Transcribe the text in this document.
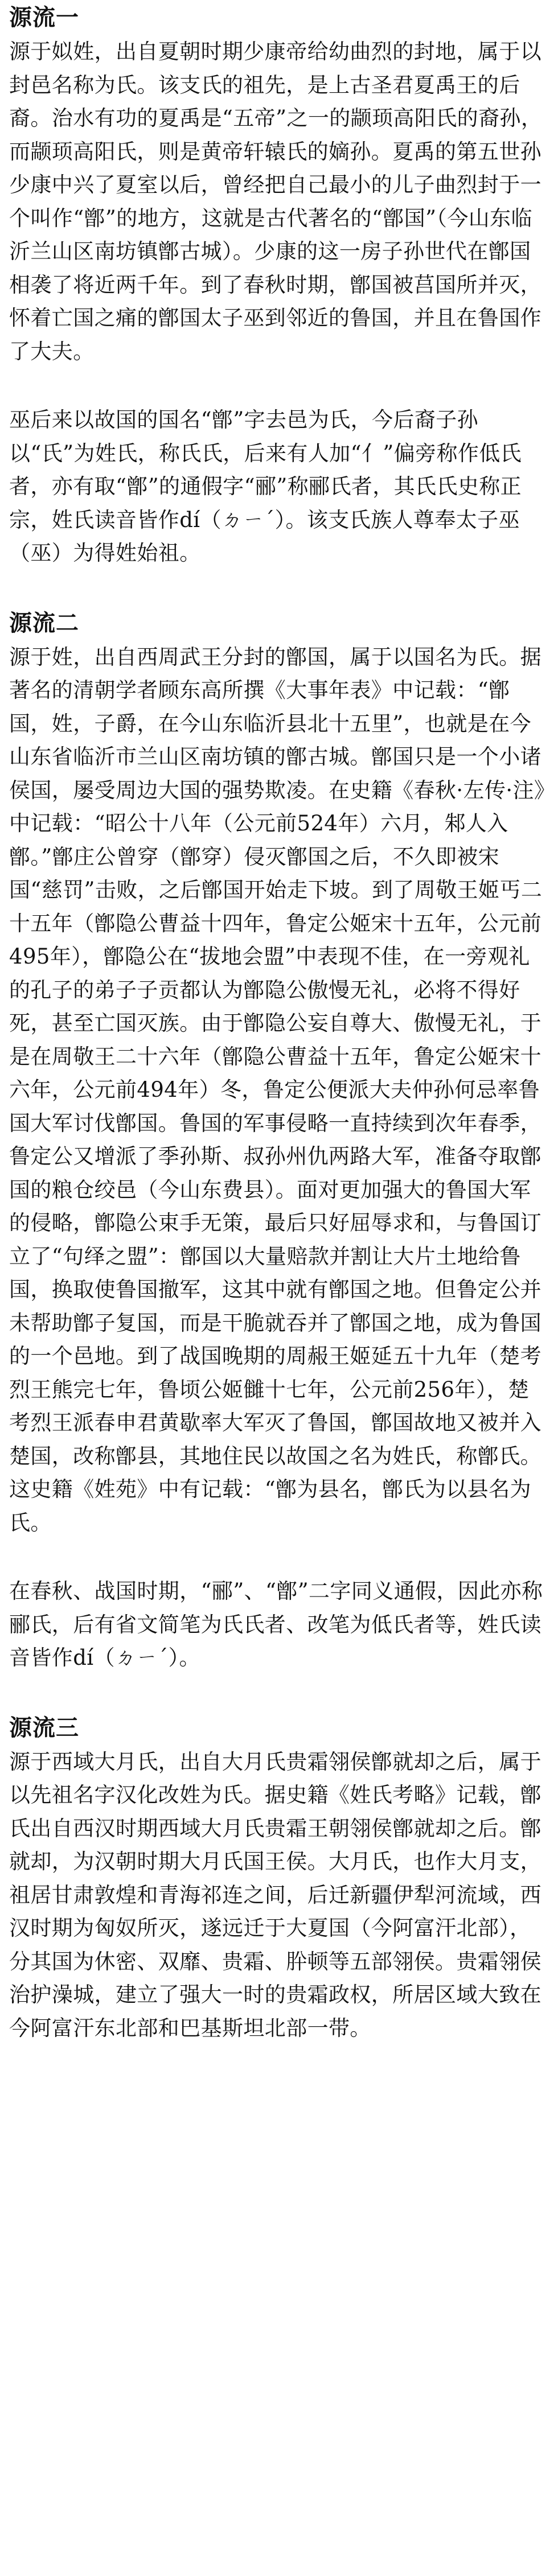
源流一

源于姒姓，出自夏朝时期少康帝给幼曲烈的封地，属于以封邑名称为氏。该支氏的祖先，是上古圣君夏禹王的后裔。治水有功的夏禹是“五帝”之一的颛顼高阳氏的裔孙，而颛顼高阳氏，则是黄帝轩辕氏的嫡孙。夏禹的第五世孙少康中兴了夏室以后，曾经把自己最小的儿子曲烈封于一个叫作“鄫”的地方，这就是古代著名的“鄫国”（今山东临沂兰山区南坊镇鄫古城）。少康的这一房子孙世代在鄫国相袭了将近两千年。到了春秋时期，鄫国被莒国所并灭，怀着亡国之痛的鄫国太子巫到邻近的鲁国，并且在鲁国作了大夫。

巫后来以故国的国名“鄫”字去邑为氏，今后裔子孙以“氏”为姓氏，称氏氏，后来有人加“亻”偏旁称作低氏者，亦有取“鄫”的通假字“郦”称郦氏者，其氏氏史称正宗，姓氏读音皆作dí（ㄉㄧˊ）。该支氏族人尊奉太子巫（巫）为得姓始祖。

源流二

源于姓，出自西周武王分封的鄫国，属于以国名为氏。据著名的清朝学者顾东高所撰《大事年表》中记载：“鄫国，姓，子爵，在今山东临沂县北十五里”，也就是在今山东省临沂市兰山区南坊镇的鄫古城。鄫国只是一个小诸侯国，屡受周边大国的强势欺凌。在史籍《春秋·左传·注》中记载：“昭公十八年（公元前524年）六月，邾人入鄫。”鄫庄公曾穿（鄫穿）侵灭鄫国之后，不久即被宋国“慈罚”击败，之后鄫国开始走下坡。到了周敬王姬丐二十五年（鄫隐公曹益十四年，鲁定公姬宋十五年，公元前495年），鄫隐公在“拔地会盟”中表现不佳，在一旁观礼的孔子的弟子子贡都认为鄫隐公傲慢无礼，必将不得好死，甚至亡国灭族。由于鄫隐公妄自尊大、傲慢无礼，于是在周敬王二十六年（鄫隐公曹益十五年，鲁定公姬宋十六年，公元前494年）冬，鲁定公便派大夫仲孙何忌率鲁国大军讨伐鄫国。鲁国的军事侵略一直持续到次年春季，鲁定公又增派了季孙斯、叔孙州仇两路大军，准备夺取鄫国的粮仓绞邑（今山东费县）。面对更加强大的鲁国大军的侵略，鄫隐公束手无策，最后只好屈辱求和，与鲁国订立了“句绎之盟”：鄫国以大量赔款并割让大片土地给鲁国，换取使鲁国撤军，这其中就有鄫国之地。但鲁定公并未帮助鄫子复国，而是干脆就吞并了鄫国之地，成为鲁国的一个邑地。到了战国晚期的周赧王姬延五十九年（楚考烈王熊完七年，鲁顷公姬雠十七年，公元前256年），楚考烈王派春申君黄歇率大军灭了鲁国，鄫国故地又被并入楚国，改称鄫县，其地住民以故国之名为姓氏，称鄫氏。这史籍《姓苑》中有记载：“鄫为县名，鄫氏为以县名为氏。

在春秋、战国时期，“郦”、“鄫”二字同义通假，因此亦称郦氏，后有省文简笔为氏氏者、改笔为低氏者等，姓氏读音皆作dí（ㄉㄧˊ）。

源流三

源于西域大月氏，出自大月氏贵霜翎侯鄫就却之后，属于以先祖名字汉化改姓为氏。据史籍《姓氏考略》记载，鄫氏出自西汉时期西域大月氏贵霜王朝翎侯鄫就却之后。鄫就却，为汉朝时期大月氏国王侯。大月氏，也作大月支，祖居甘肃敦煌和青海祁连之间，后迁新疆伊犁河流域，西汉时期为匈奴所灭，遂远迁于大夏国（今阿富汗北部），分其国为休密、双靡、贵霜、肸顿等五部翎侯。贵霜翎侯治护澡城，建立了强大一时的贵霜政权，所居区域大致在今阿富汗东北部和巴基斯坦北部一带。
